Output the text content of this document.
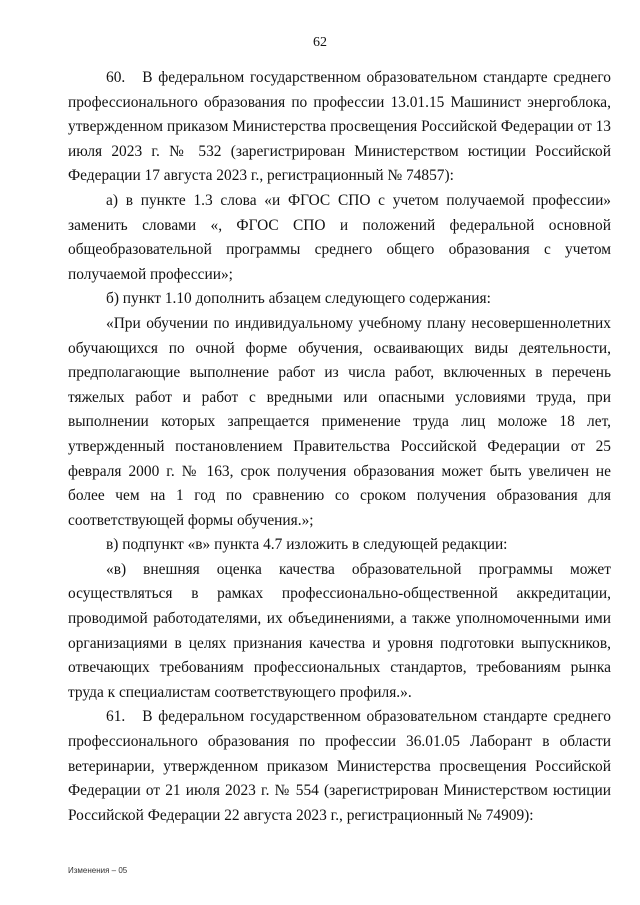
62

60.   В федеральном государственном образовательном стандарте среднего профессионального образования по профессии 13.01.15 Машинист энергоблока, утвержденном приказом Министерства просвещения Российской Федерации от 13 июля 2023 г. № 532 (зарегистрирован Министерством юстиции Российской Федерации 17 августа 2023 г., регистрационный № 74857):

а) в пункте 1.3 слова «и ФГОС СПО с учетом получаемой профессии» заменить словами «, ФГОС СПО и положений федеральной основной общеобразовательной программы среднего общего образования с учетом получаемой профессии»;

б) пункт 1.10 дополнить абзацем следующего содержания:

«При обучении по индивидуальному учебному плану несовершеннолетних обучающихся по очной форме обучения, осваивающих виды деятельности, предполагающие выполнение работ из числа работ, включенных в перечень тяжелых работ и работ с вредными или опасными условиями труда, при выполнении которых запрещается применение труда лиц моложе 18 лет, утвержденный постановлением Правительства Российской Федерации от 25 февраля 2000 г. № 163, срок получения образования может быть увеличен не более чем на 1 год по сравнению со сроком получения образования для соответствующей формы обучения.»;

в) подпункт «в» пункта 4.7 изложить в следующей редакции:

«в) внешняя оценка качества образовательной программы может осуществляться в рамках профессионально-общественной аккредитации, проводимой работодателями, их объединениями, а также уполномоченными ими организациями в целях признания качества и уровня подготовки выпускников, отвечающих требованиям профессиональных стандартов, требованиям рынка труда к специалистам соответствующего профиля.».

61.   В федеральном государственном образовательном стандарте среднего профессионального образования по профессии 36.01.05 Лаборант в области ветеринарии, утвержденном приказом Министерства просвещения Российской Федерации от 21 июля 2023 г. № 554 (зарегистрирован Министерством юстиции Российской Федерации 22 августа 2023 г., регистрационный № 74909):

Изменения – 05
